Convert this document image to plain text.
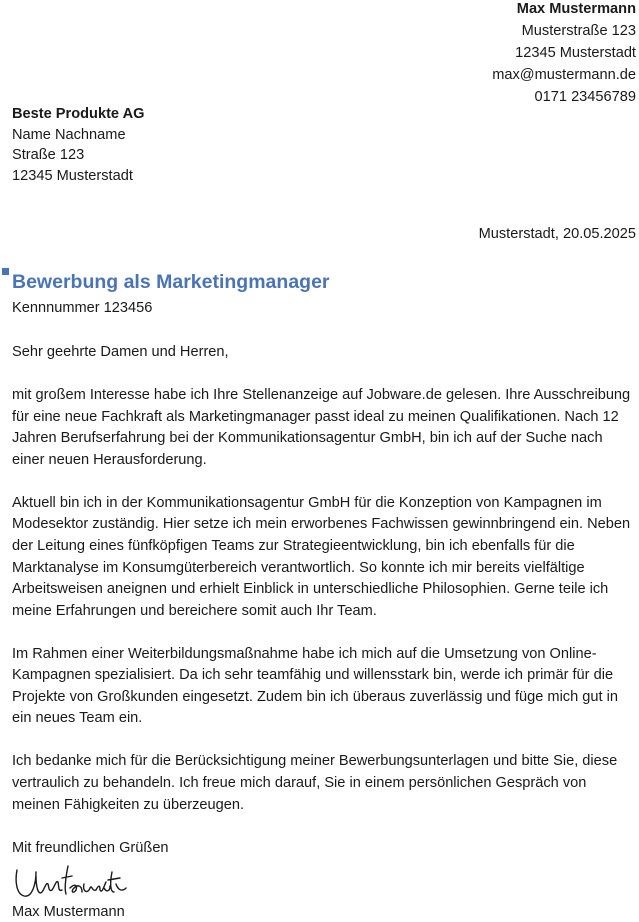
Max Mustermann
Musterstraße 123
12345 Musterstadt
max@mustermann.de
0171 23456789
Beste Produkte AG
Name Nachname
Straße 123
12345 Musterstadt
Musterstadt, 20.05.2025
Bewerbung als Marketingmanager
Kennnummer 123456

Sehr geehrte Damen und Herren,

mit großem Interesse habe ich Ihre Stellenanzeige auf Jobware.de gelesen. Ihre Ausschreibung für eine neue Fachkraft als Marketingmanager passt ideal zu meinen Qualifikationen. Nach 12 Jahren Berufserfahrung bei der Kommunikationsagentur GmbH, bin ich auf der Suche nach einer neuen Herausforderung.

Aktuell bin ich in der Kommunikationsagentur GmbH für die Konzeption von Kampagnen im Modesektor zuständig. Hier setze ich mein erworbenes Fachwissen gewinnbringend ein. Neben der Leitung eines fünfköpfigen Teams zur Strategieentwicklung, bin ich ebenfalls für die Marktanalyse im Konsumgüterbereich verantwortlich. So konnte ich mir bereits vielfältige Arbeitsweisen aneignen und erhielt Einblick in unterschiedliche Philosophien. Gerne teile ich meine Erfahrungen und bereichere somit auch Ihr Team.

Im Rahmen einer Weiterbildungsmaßnahme habe ich mich auf die Umsetzung von Online-Kampagnen spezialisiert. Da ich sehr teamfähig und willensstark bin, werde ich primär für die Projekte von Großkunden eingesetzt. Zudem bin ich überaus zuverlässig und füge mich gut in ein neues Team ein.

Ich bedanke mich für die Berücksichtigung meiner Bewerbungsunterlagen und bitte Sie, diese vertraulich zu behandeln. Ich freue mich darauf, Sie in einem persönlichen Gespräch von meinen Fähigkeiten zu überzeugen.

Mit freundlichen Grüßen
Max Mustermann
